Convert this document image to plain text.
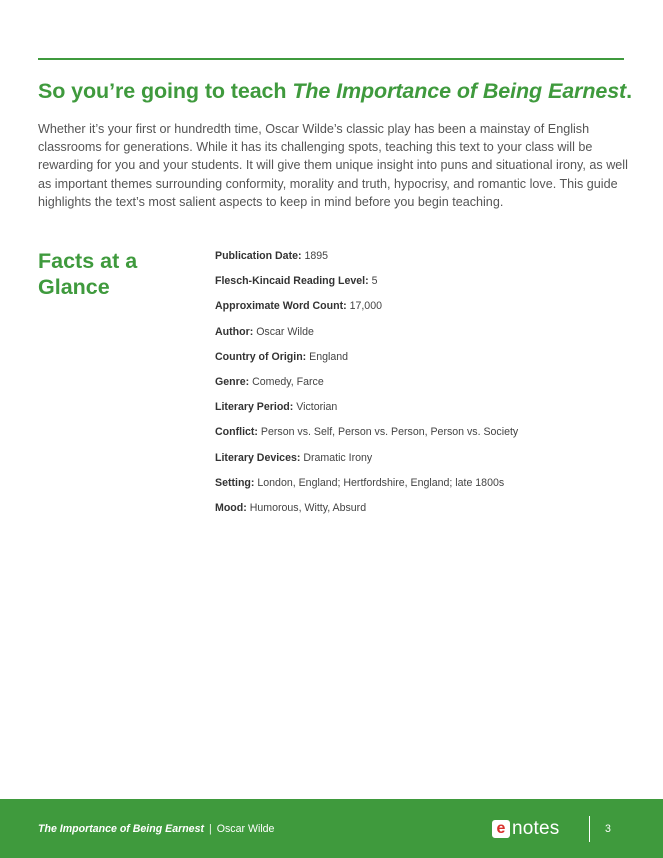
So you’re going to teach The Importance of Being Earnest.

Whether it’s your first or hundredth time, Oscar Wilde’s classic play has been a mainstay of English classrooms for generations. While it has its challenging spots, teaching this text to your class will be rewarding for you and your students. It will give them unique insight into puns and situational irony, as well as important themes surrounding conformity, morality and truth, hypocrisy, and romantic love. This guide highlights the text’s most salient aspects to keep in mind before you begin teaching.

Facts at a Glance
Publication Date: 1895
Flesch-Kincaid Reading Level: 5
Approximate Word Count: 17,000
Author: Oscar Wilde
Country of Origin: England
Genre: Comedy, Farce
Literary Period: Victorian
Conflict: Person vs. Self, Person vs. Person, Person vs. Society
Literary Devices: Dramatic Irony
Setting: London, England; Hertfordshire, England; late 1800s
Mood: Humorous, Witty, Absurd
The Importance of Being Earnest | Oscar Wilde	e notes	3
